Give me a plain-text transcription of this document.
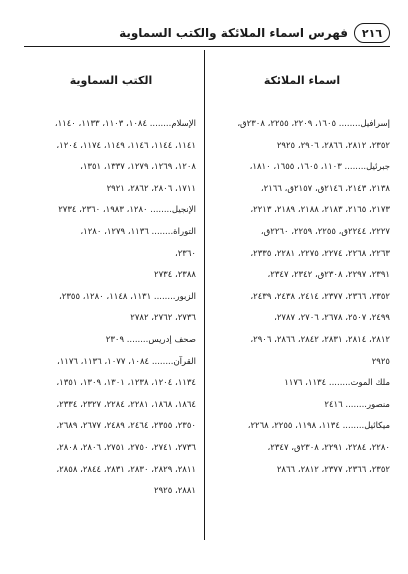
٢١٦
فهرس اسماء الملائكة والكتب السماوية
اسماء الملائكة
إسرافيل........ ١٦٠٥، ٢٢٠٩، ٢٢٥٥، ٢٣٠٨ق،
٢٣٥٢، ٢٨١٢، ٢٨٦٦، ٢٩٠٦، ٢٩٢٥
جبرئيل........ ١١٠٣، ١٦٠٥، ١٦٥٥، ١٨١٠،
٢١٣٨، ٢١٤٣، ٢١٤٦ق، ٢١٥٧ق، ٢١٦٦،
٢١٧٣، ٢١٦٥، ٢١٨٣، ٢١٨٨، ٢١٨٩، ٢٢١٣،
٢٢٢٧، ٢٢٤٤ق، ٢٢٥٥، ٢٢٥٩، ٢٢٦٠ق،
٢٢٦٣، ٢٢٦٨، ٢٢٧٤، ٢٢٧٥، ٢٢٨١، ٢٣٣٥،
٢٣٩١، ٢٢٩٧، ٢٣٠٨ق، ٢٣٤٢، ٢٣٤٧،
٢٣٥٢، ٢٣٦٦، ٢٣٧٧، ٢٤١٤، ٢٤٣٨، ٢٤٣٩،
٢٤٩٩، ٢٥٠٧، ٢٦٧٨، ٢٧٠٦، ٢٧٨٧،
٢٨١٢، ٢٨١٤، ٢٨٣١، ٢٨٤٢، ٢٨٦٦، ٢٩٠٦،
٢٩٢٥
ملك الموت........ ١١٣٤، ١١٧٦
منصور........ ٢٤١٦
ميكائيل........ ١١٣٤، ١١٩٨، ٢٢٥٥، ٢٢٦٨،
٢٢٨٠، ٢٢٨٤، ٢٢٩١، ٢٣٠٨ق، ٢٣٤٧،
٢٣٥٢، ٢٣٦٦، ٢٣٧٧، ٢٨١٢، ٢٨٦٦
الكتب السماوية
الإسلام........ ١٠٨٤، ١١٠٣، ١١٣٣، ١١٤٠،
١١٤١، ١١٤٤، ١١٤٦، ١١٤٩، ١١٧٤، ١٢٠٤،
١٢٠٨، ١٢٦٩، ١٢٧٩، ١٣٣٧، ١٣٥١،
١٧١١، ٢٨٠٦، ٢٨٦٢، ٢٩٢١
الإنجيل........ ١٢٨٠، ١٩٨٣، ٢٣٦٠، ٢٧٣٤
التوراة........ ١١٣٦، ١٢٧٩، ١٢٨٠،
٢٣٦٠،
٢٣٨٨، ٢٧٣٤
الزبور........ ١١٣١، ١١٤٨، ١٢٨٠، ٢٣٥٥،
٢٧٣٦، ٢٧٦٢، ٢٧٨٢
صحف إدريس........ ٢٣٠٩
القرآن........ ١٠٨٤، ١٠٧٧، ١١٣٦، ١١٧٦،
١١٣٤، ١٢٠٤، ١٢٣٨، ١٣٠١، ١٣٠٩، ١٣٥١،
١٨٦٤، ١٨٦٨، ٢٢٨١، ٢٢٨٤، ٢٣٢٧، ٢٣٣٤،
٢٣٥٠، ٢٣٥٥، ٢٤٦٤، ٢٤٨٩، ٢٦٧٧، ٢٦٨٩،
٢٧٣٦، ٢٧٤١، ٢٧٥٠، ٢٧٥١، ٢٨٠٦، ٢٨٠٨،
٢٨١١، ٢٨٢٩، ٢٨٣٠، ٢٨٣١، ٢٨٤٤، ٢٨٥٨،
٢٨٨١، ٢٩٢٥
